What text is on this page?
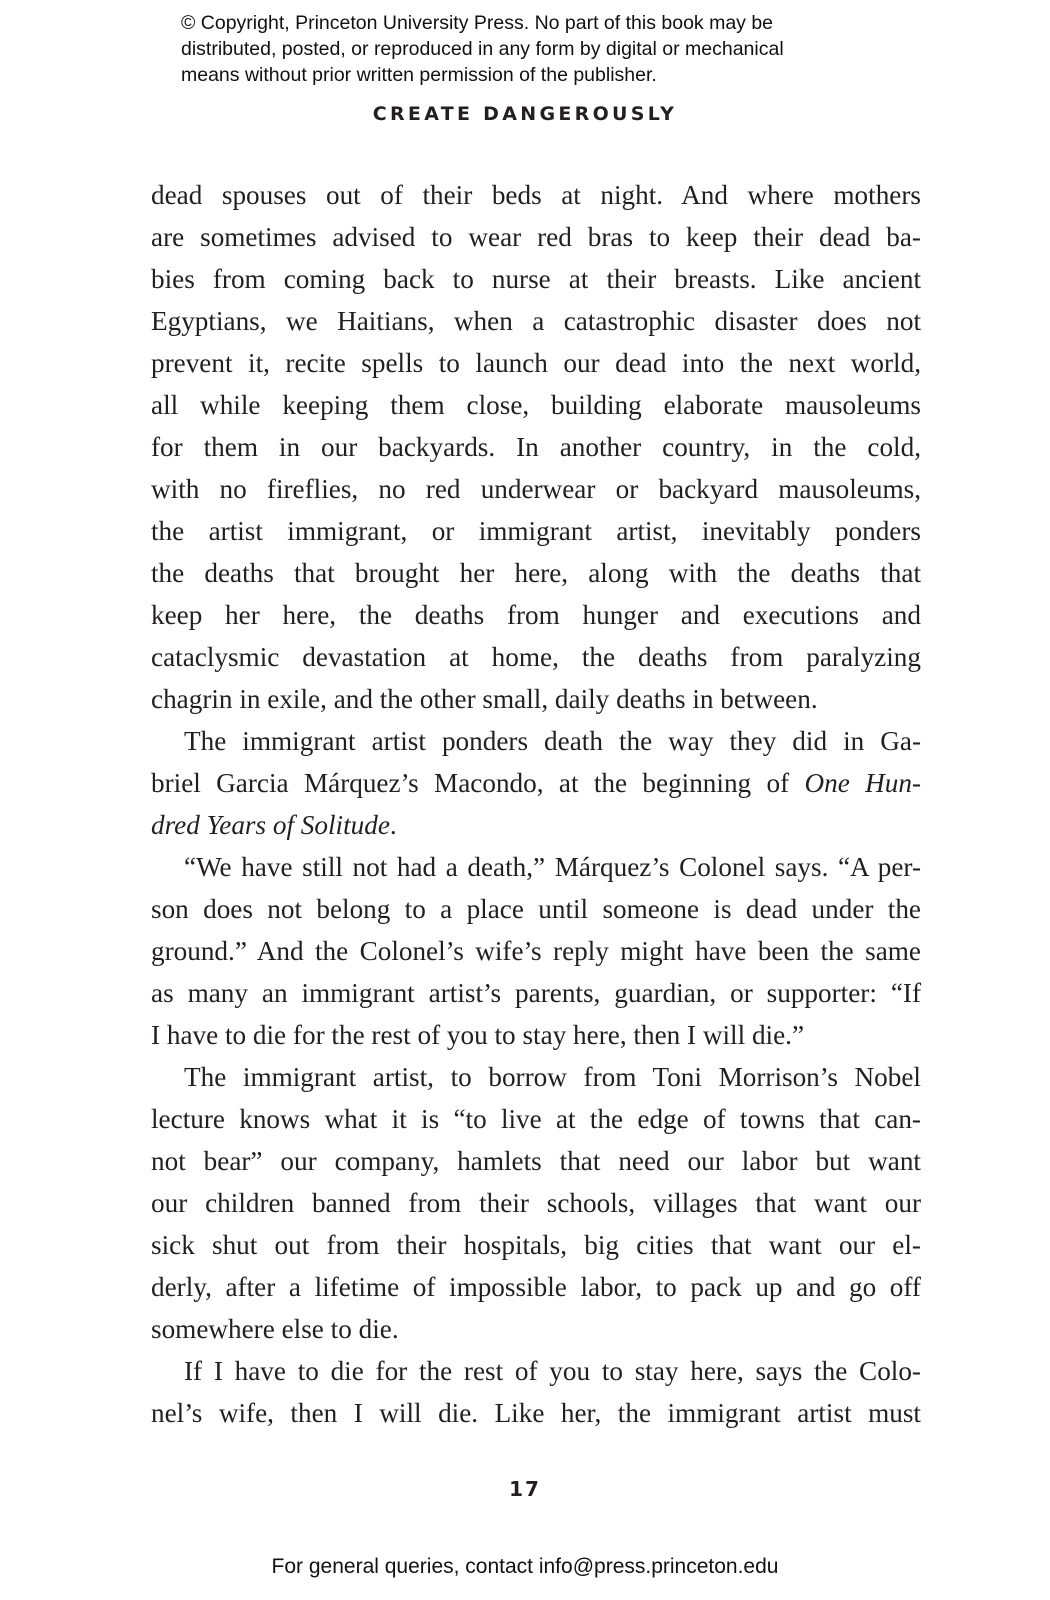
© Copyright, Princeton University Press. No part of this book may be
distributed, posted, or reproduced in any form by digital or mechanical
means without prior written permission of the publisher.
CREATE DANGEROUSLY
dead spouses out of their beds at night. And where mothers
are sometimes advised to wear red bras to keep their dead ba-
bies from coming back to nurse at their breasts. Like ancient
Egyptians, we Haitians, when a catastrophic disaster does not
prevent it, recite spells to launch our dead into the next world,
all while keeping them close, building elaborate mausoleums
for them in our backyards. In another country, in the cold,
with no fireflies, no red underwear or backyard mausoleums,
the artist immigrant, or immigrant artist, inevitably ponders
the deaths that brought her here, along with the deaths that
keep her here, the deaths from hunger and executions and
cataclysmic devastation at home, the deaths from paralyzing
chagrin in exile, and the other small, daily deaths in between.
The immigrant artist ponders death the way they did in Ga-
briel Garcia Márquez’s Macondo, at the beginning of One Hun-
dred Years of Solitude.
“We have still not had a death,” Márquez’s Colonel says. “A per-
son does not belong to a place until someone is dead under the
ground.” And the Colonel’s wife’s reply might have been the same
as many an immigrant artist’s parents, guardian, or supporter: “If
I have to die for the rest of you to stay here, then I will die.”
The immigrant artist, to borrow from Toni Morrison’s Nobel
lecture knows what it is “to live at the edge of towns that can-
not bear” our company, hamlets that need our labor but want
our children banned from their schools, villages that want our
sick shut out from their hospitals, big cities that want our el-
derly, after a lifetime of impossible labor, to pack up and go off
somewhere else to die.
If I have to die for the rest of you to stay here, says the Colo-
nel’s wife, then I will die. Like her, the immigrant artist must
17
For general queries, contact info@press.princeton.edu
